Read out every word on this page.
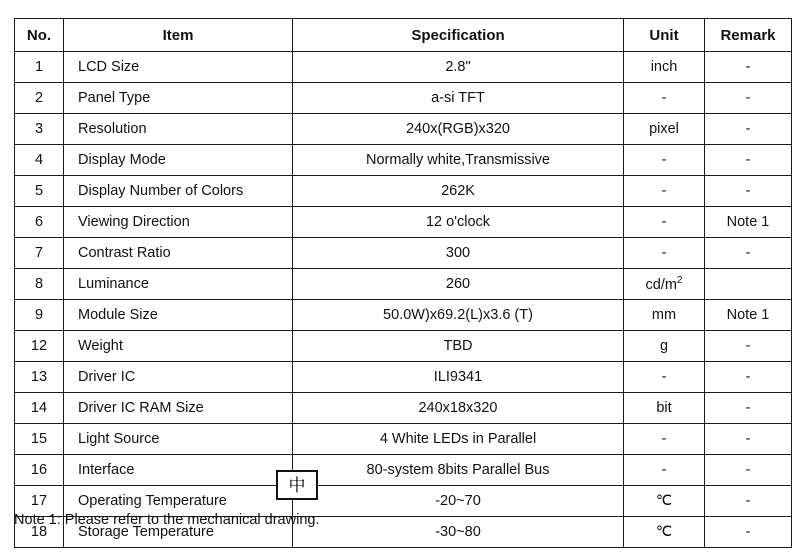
No.	Item	Specification	Unit	Remark
1	LCD Size	2.8"	inch	-
2	Panel Type	a-si TFT	-	-
3	Resolution	240x(RGB)x320	pixel	-
4	Display Mode	Normally white,Transmissive	-	-
5	Display Number of Colors	262K	-	-
6	Viewing Direction	12 o'clock	-	Note 1
7	Contrast Ratio	300	-	-
8	Luminance	260	$cd/m^2$	
9	Module Size	50.0W)x69.2(L)x3.6 (T)	mm	Note 1
12	Weight	TBD	g	-
13	Driver IC	ILI9341	-	-
14	Driver IC RAM Size	240x18x320	bit	-
15	Light Source	4 White LEDs in Parallel	-	-
16	Interface	80-system 8bits Parallel Bus	-	-
17	Operating Temperature	-20~70	℃	-
18	Storage Temperature	-30~80	℃	-
Note 1: Please refer to the mechanical drawing.
中
